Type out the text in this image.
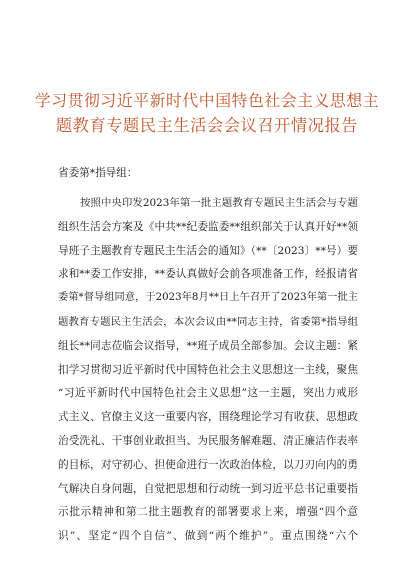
学习贯彻习近平新时代中国特色社会主义思想主
题教育专题民主生活会会议召开情况报告

省委第*指导组：

按照中央印发2023年第一批主题教育专题民主生活会与专题
组织生活会方案及《中共**纪委监委**组织部关于认真开好**领
导班子主题教育专题民主生活会的通知》（**〔2023〕**号）要
求和**委工作安排，**委认真做好会前各项准备工作，经报请省
委第*督导组同意，于2023年8月**日上午召开了2023年第一批主
题教育专题民主生活会，本次会议由**同志主持，省委第*指导组
组长**同志莅临会议指导，**班子成员全部参加。会议主题：紧
扣学习贯彻习近平新时代中国特色社会主义思想这一主线，聚焦
“习近平新时代中国特色社会主义思想”这一主题，突出力戒形
式主义、官僚主义这一重要内容，围绕理论学习有收获、思想政
治受洗礼、干事创业敢担当、为民服务解难题、清正廉洁作表率
的目标，对守初心、担使命进行一次政治体检，以刀刃向内的勇
气解决自身问题，自觉把思想和行动统一到习近平总书记重要指
示批示精神和第二批主题教育的部署要求上来，增强“四个意
识”、坚定“四个自信”、做到“两个维护”。重点围绕“六个
